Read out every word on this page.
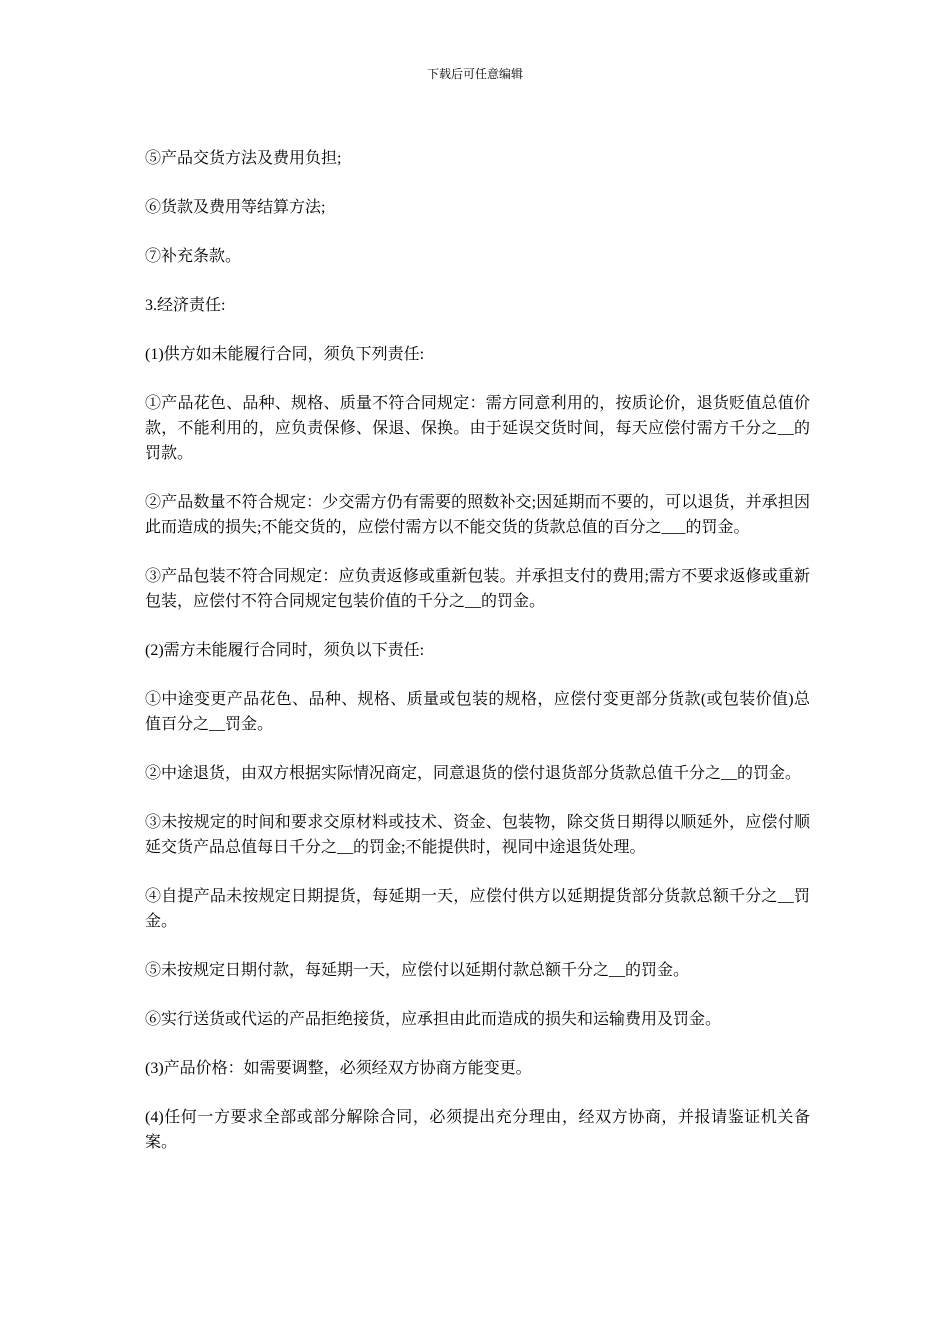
下载后可任意编辑

⑤产品交货方法及费用负担;

⑥货款及费用等结算方法;

⑦补充条款。

3.经济责任:

(1)供方如未能履行合同，须负下列责任:

①产品花色、品种、规格、质量不符合同规定：需方同意利用的，按质论价，退货贬值总值价款，不能利用的，应负责保修、保退、保换。由于延误交货时间，每天应偿付需方千分之__的罚款。

②产品数量不符合规定：少交需方仍有需要的照数补交;因延期而不要的，可以退货，并承担因此而造成的损失;不能交货的，应偿付需方以不能交货的货款总值的百分之___的罚金。

③产品包装不符合同规定：应负责返修或重新包装。并承担支付的费用;需方不要求返修或重新包装，应偿付不符合同规定包装价值的千分之__的罚金。

(2)需方未能履行合同时，须负以下责任:

①中途变更产品花色、品种、规格、质量或包装的规格，应偿付变更部分货款(或包装价值)总值百分之__罚金。

②中途退货，由双方根据实际情况商定，同意退货的偿付退货部分货款总值千分之__的罚金。

③未按规定的时间和要求交原材料或技术、资金、包装物，除交货日期得以顺延外，应偿付顺延交货产品总值每日千分之__的罚金;不能提供时，视同中途退货处理。

④自提产品未按规定日期提货，每延期一天，应偿付供方以延期提货部分货款总额千分之__罚金。

⑤未按规定日期付款，每延期一天，应偿付以延期付款总额千分之__的罚金。

⑥实行送货或代运的产品拒绝接货，应承担由此而造成的损失和运输费用及罚金。

(3)产品价格：如需要调整，必须经双方协商方能变更。

(4)任何一方要求全部或部分解除合同，必须提出充分理由，经双方协商，并报请鉴证机关备案。
